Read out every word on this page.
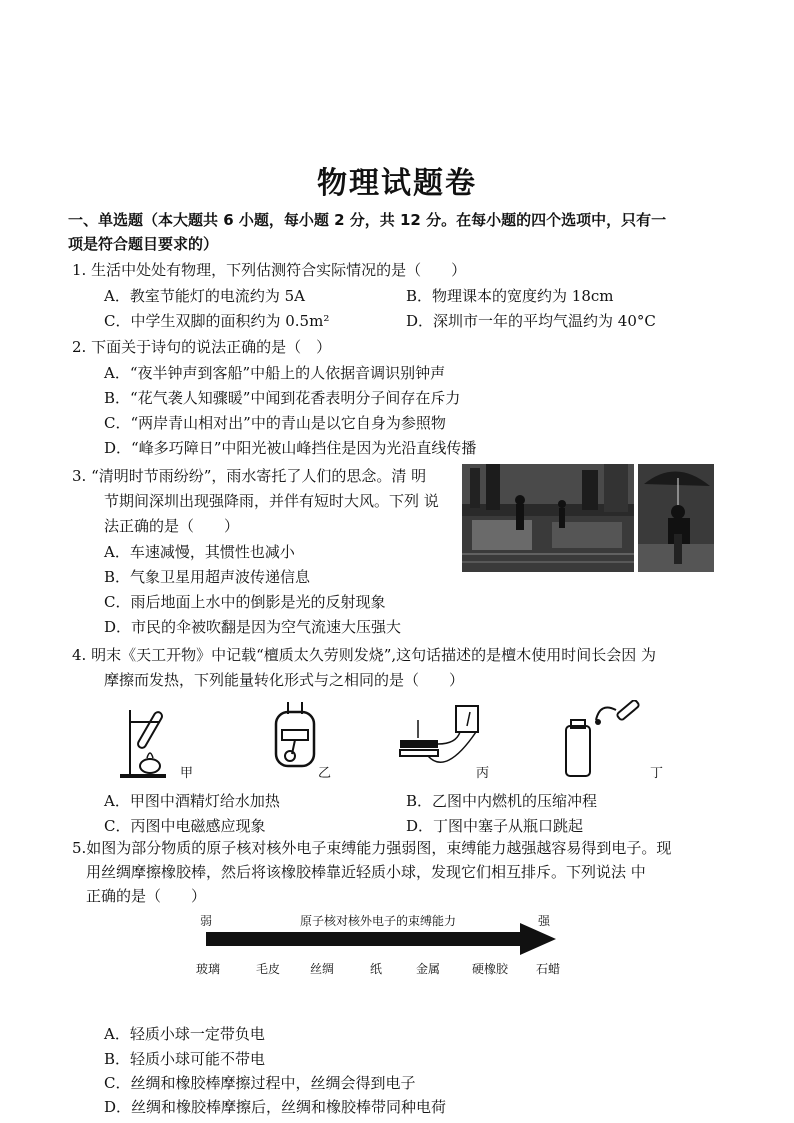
物理试题卷
一、单选题（本大题共 6 小题，每小题 2 分，共 12 分。在每小题的四个选项中，只有一
项是符合题目要求的）
1. 生活中处处有物理，下列估测符合实际情况的是（　　）
A．教室节能灯的电流约为 5A	B．物理课本的宽度约为 18cm
C．中学生双脚的面积约为 0.5m²	D．深圳市一年的平均气温约为 40°C
2. 下面关于诗句的说法正确的是（　）
A．“夜半钟声到客船”中船上的人依据音调识别钟声
B．“花气袭人知骤暖”中闻到花香表明分子间存在斥力
C．“两岸青山相对出”中的青山是以它自身为参照物
D．“峰多巧障日”中阳光被山峰挡住是因为光沿直线传播
3. “清明时节雨纷纷”，雨水寄托了人们的思念。清 明
节期间深圳出现强降雨，并伴有短时大风。下列 说
法正确的是（　　）
A．车速减慢，其惯性也减小
B．气象卫星用超声波传递信息
C．雨后地面上水中的倒影是光的反射现象
D．市民的伞被吹翻是因为空气流速大压强大
4. 明末《天工开物》中记载“檀质太久劳则发烧”,这句话描述的是檀木使用时间长会因 为
摩擦而发热，下列能量转化形式与之相同的是（　　）
甲	乙	丙	丁
A．甲图中酒精灯给水加热	B．乙图中内燃机的压缩冲程
C．丙图中电磁感应现象	D．丁图中塞子从瓶口跳起
5.如图为部分物质的原子核对核外电子束缚能力强弱图，束缚能力越强越容易得到电子。现
用丝绸摩擦橡胶棒，然后将该橡胶棒靠近轻质小球，发现它们相互排斥。下列说法 中
正确的是（　　）
弱	原子核对核外电子的束缚能力	强
玻璃	毛皮 丝绸	纸	金属	硬橡胶 石蜡
A．轻质小球一定带负电
B．轻质小球可能不带电
C．丝绸和橡胶棒摩擦过程中，丝绸会得到电子
D．丝绸和橡胶棒摩擦后，丝绸和橡胶棒带同种电荷
